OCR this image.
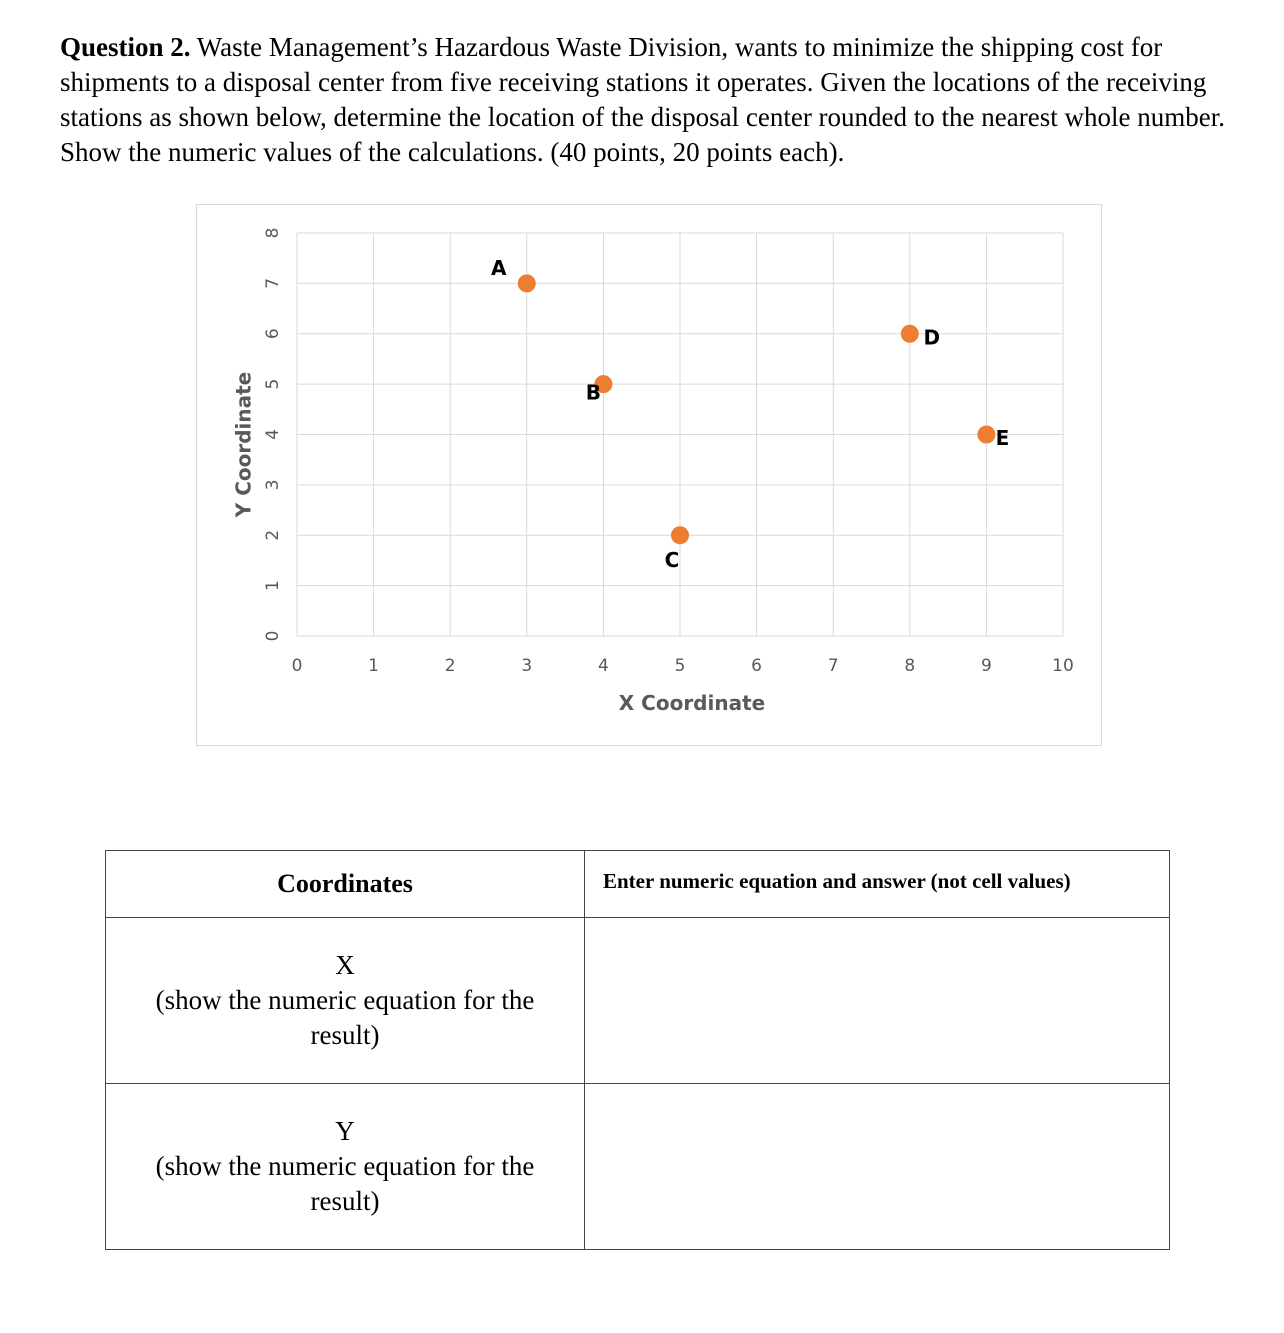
Question 2. Waste Management’s Hazardous Waste Division, wants to minimize the shipping cost for shipments to a disposal center from five receiving stations it operates. Given the locations of the receiving stations as shown below, determine the location of the disposal center rounded to the nearest whole number. Show the numeric values of the calculations. (40 points, 20 points each).

0	1	2	3	4	5	6	7	8	9	10
0
1
2
3
4
5
6
7
8
X Coordinate
Y Coordinate
A
B
C
D
E
Coordinates	Enter numeric equation and answer (not cell values)

X
(show the numeric equation for the result)	

Y
(show the numeric equation for the result)	
